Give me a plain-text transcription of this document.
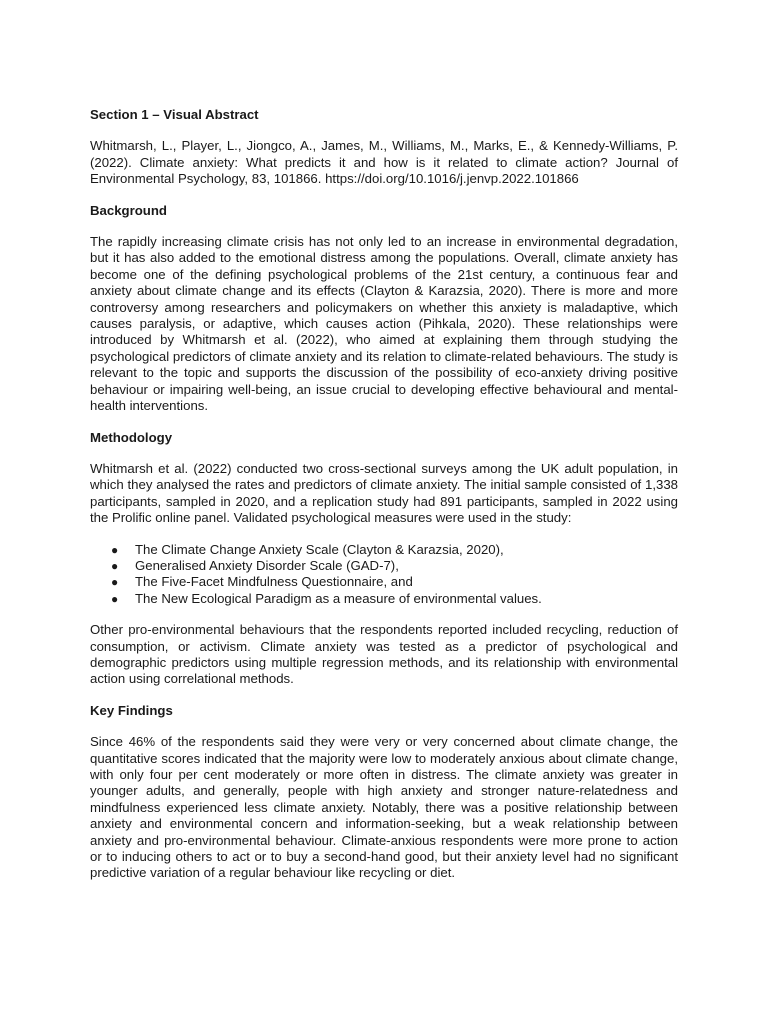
Section 1 – Visual Abstract

Whitmarsh, L., Player, L., Jiongco, A., James, M., Williams, M., Marks, E., & Kennedy-Williams, P. (2022). Climate anxiety: What predicts it and how is it related to climate action? Journal of Environmental Psychology, 83, 101866. https://doi.org/10.1016/j.jenvp.2022.101866

Background

The rapidly increasing climate crisis has not only led to an increase in environmental degradation, but it has also added to the emotional distress among the populations. Overall, climate anxiety has become one of the defining psychological problems of the 21st century, a continuous fear and anxiety about climate change and its effects (Clayton & Karazsia, 2020). There is more and more controversy among researchers and policymakers on whether this anxiety is maladaptive, which causes paralysis, or adaptive, which causes action (Pihkala, 2020). These relationships were introduced by Whitmarsh et al. (2022), who aimed at explaining them through studying the psychological predictors of climate anxiety and its relation to climate-related behaviours. The study is relevant to the topic and supports the discussion of the possibility of eco-anxiety driving positive behaviour or impairing well-being, an issue crucial to developing effective behavioural and mental-health interventions.

Methodology

Whitmarsh et al. (2022) conducted two cross-sectional surveys among the UK adult population, in which they analysed the rates and predictors of climate anxiety. The initial sample consisted of 1,338 participants, sampled in 2020, and a replication study had 891 participants, sampled in 2022 using the Prolific online panel. Validated psychological measures were used in the study:

● The Climate Change Anxiety Scale (Clayton & Karazsia, 2020),
● Generalised Anxiety Disorder Scale (GAD-7),
● The Five-Facet Mindfulness Questionnaire, and
● The New Ecological Paradigm as a measure of environmental values.

Other pro-environmental behaviours that the respondents reported included recycling, reduction of consumption, or activism. Climate anxiety was tested as a predictor of psychological and demographic predictors using multiple regression methods, and its relationship with environmental action using correlational methods.

Key Findings

Since 46% of the respondents said they were very or very concerned about climate change, the quantitative scores indicated that the majority were low to moderately anxious about climate change, with only four per cent moderately or more often in distress. The climate anxiety was greater in younger adults, and generally, people with high anxiety and stronger nature-relatedness and mindfulness experienced less climate anxiety. Notably, there was a positive relationship between anxiety and environmental concern and information-seeking, but a weak relationship between anxiety and pro-environmental behaviour. Climate-anxious respondents were more prone to action or to inducing others to act or to buy a second-hand good, but their anxiety level had no significant predictive variation of a regular behaviour like recycling or diet.
